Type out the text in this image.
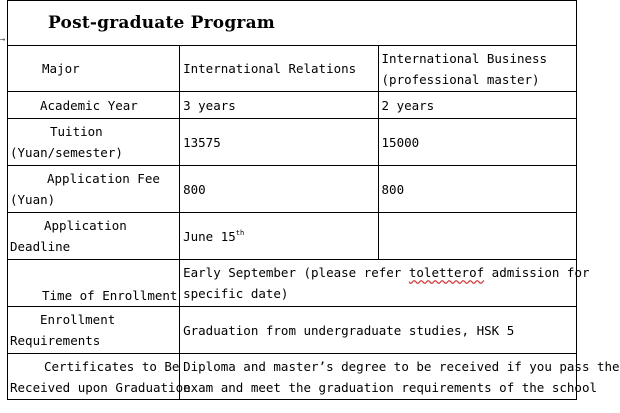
→
Post-graduate Program		
Major	International Relations	International Business
(professional master)

Academic Year	3 years	2 years

Tuition
(Yuan/semester)	13575	15000

Application Fee
(Yuan)	800	800

Application
Deadline	June 15th	
Time of Enrollment	Early September (please refer toletterof admission for
specific date)	

Enrollment
Requirements	Graduation from undergraduate studies, HSK 5	

Certificates to Be
Received upon Graduation	Diploma and master’s degree to be received if you pass the
exam and meet the graduation requirements of the school	
